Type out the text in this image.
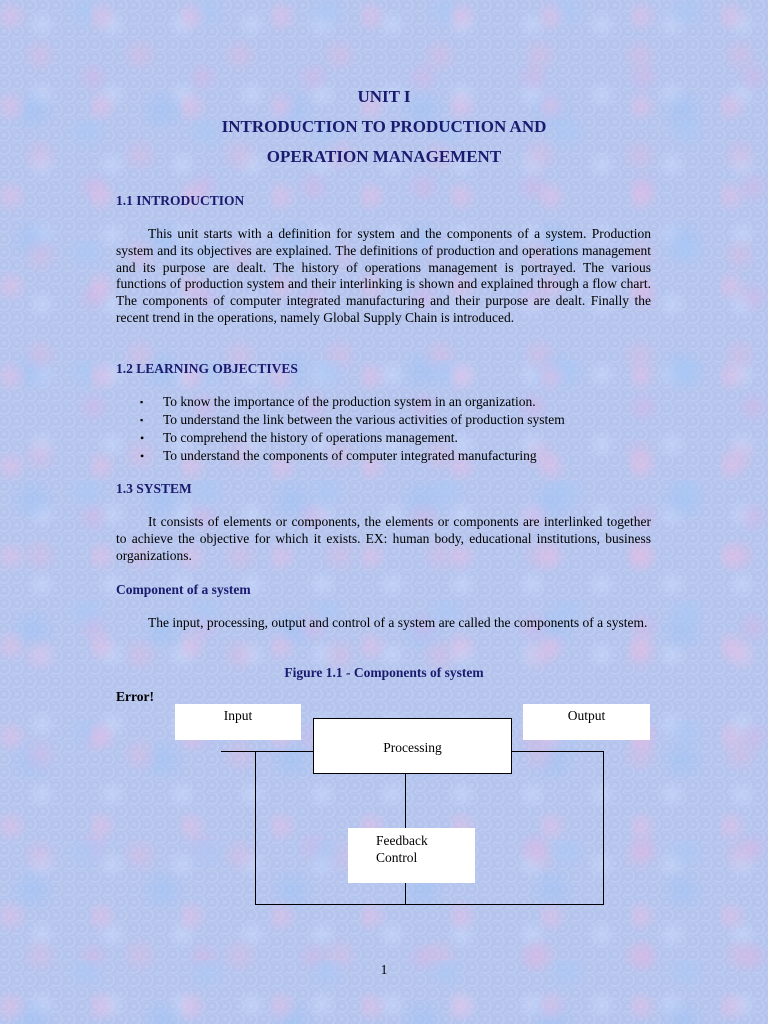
UNIT I
INTRODUCTION TO PRODUCTION AND
OPERATION MANAGEMENT
1.1 INTRODUCTION

This unit starts with a definition for system and the components of a system. Production system and its objectives are explained. The definitions of production and operations management and its purpose are dealt. The history of operations management is portrayed. The various functions of production system and their interlinking is shown and explained through a flow chart. The components of computer integrated manufacturing and their purpose are dealt. Finally the recent trend in the operations, namely Global Supply Chain is introduced.

1.2 LEARNING OBJECTIVES
▪ To know the importance of the production system in an organization.
▪ To understand the link between the various activities of production system
• To comprehend the history of operations management.
• To understand the components of computer integrated manufacturing
1.3 SYSTEM

It consists of elements or components, the elements or components are interlinked together to achieve the objective for which it exists. EX: human body, educational institutions, business organizations.

Component of a system

The input, processing, output and control of a system are called the components of a system.

Figure 1.1 - Components of system
Error!
Input	Output
Processing
Feedback
Control
1
